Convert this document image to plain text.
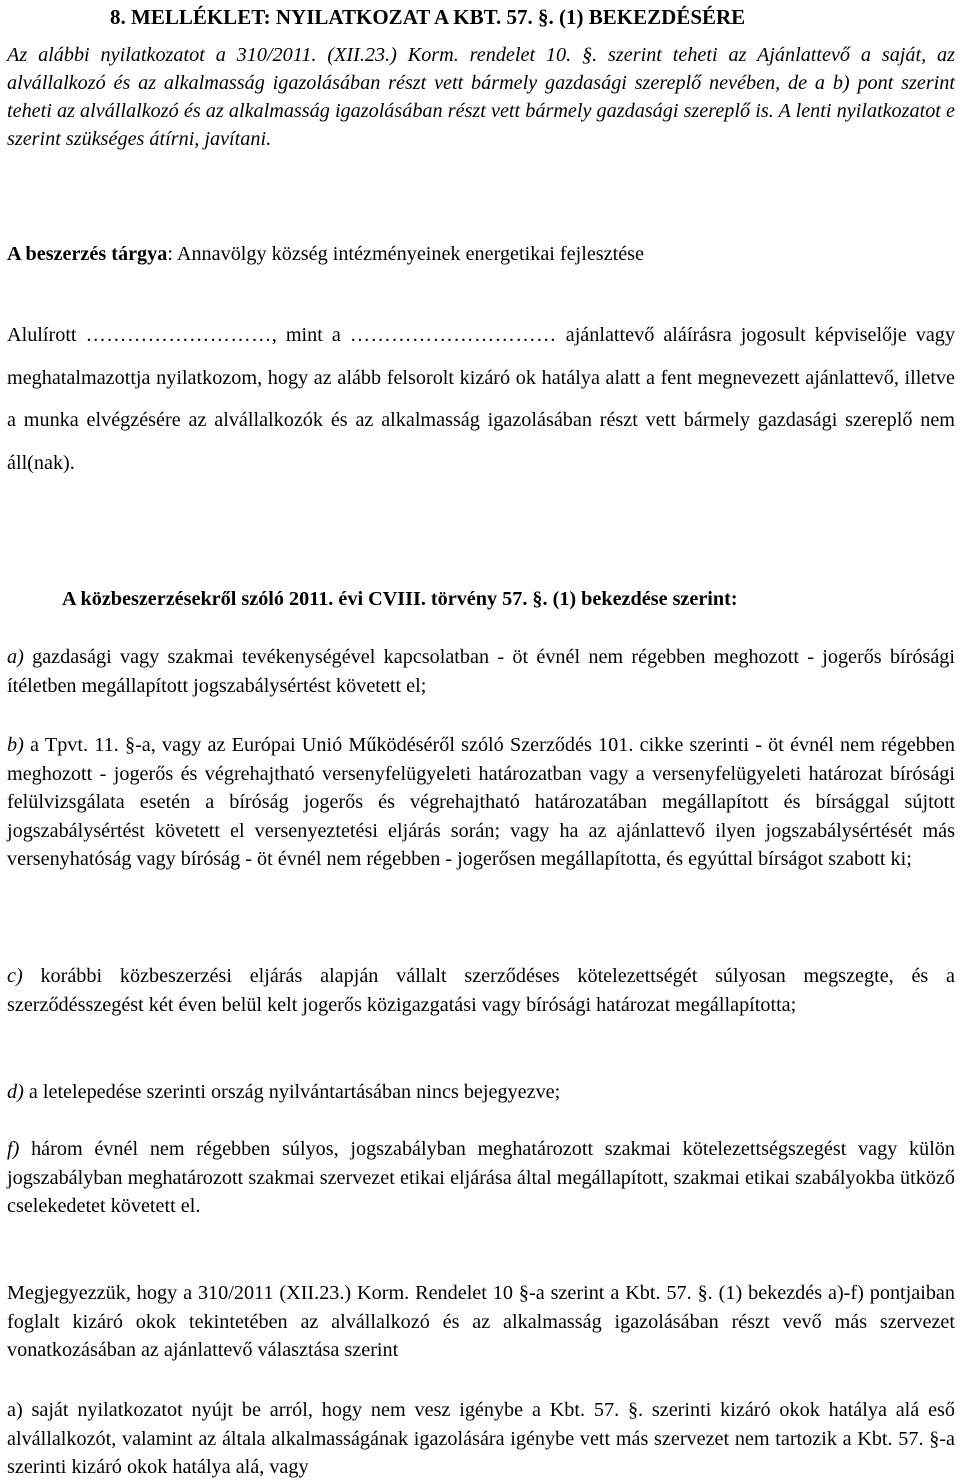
8. MELLÉKLET: NYILATKOZAT A KBT. 57. §. (1) BEKEZDÉSÉRE
Az alábbi nyilatkozatot a 310/2011. (XII.23.) Korm. rendelet 10. §. szerint teheti az Ajánlattevő a saját, az alvállalkozó és az alkalmasság igazolásában részt vett bármely gazdasági szereplő nevében, de a b) pont szerint teheti az alvállalkozó és az alkalmasság igazolásában részt vett bármely gazdasági szereplő is. A lenti nyilatkozatot e szerint szükséges átírni, javítani.
A beszerzés tárgya: Annavölgy község intézményeinek energetikai fejlesztése
Alulírott ………………………, mint a ………………………… ajánlattevő aláírásra jogosult képviselője vagy meghatalmazottja nyilatkozom, hogy az alább felsorolt kizáró ok hatálya alatt a fent megnevezett ajánlattevő, illetve a munka elvégzésére az alvállalkozók és az alkalmasság igazolásában részt vett bármely gazdasági szereplő nem áll(nak).
A közbeszerzésekről szóló 2011. évi CVIII. törvény 57. §. (1) bekezdése szerint:
a) gazdasági vagy szakmai tevékenységével kapcsolatban - öt évnél nem régebben meghozott - jogerős bírósági ítéletben megállapított jogszabálysértést követett el;
b) a Tpvt. 11. §-a, vagy az Európai Unió Működéséről szóló Szerződés 101. cikke szerinti - öt évnél nem régebben meghozott - jogerős és végrehajtható versenyfelügyeleti határozatban vagy a versenyfelügyeleti határozat bírósági felülvizsgálata esetén a bíróság jogerős és végrehajtható határozatában megállapított és bírsággal sújtott jogszabálysértést követett el versenyeztetési eljárás során; vagy ha az ajánlattevő ilyen jogszabálysértését más versenyhatóság vagy bíróság - öt évnél nem régebben - jogerősen megállapította, és egyúttal bírságot szabott ki;
c) korábbi közbeszerzési eljárás alapján vállalt szerződéses kötelezettségét súlyosan megszegte, és a szerződésszegést két éven belül kelt jogerős közigazgatási vagy bírósági határozat megállapította;
d) a letelepedése szerinti ország nyilvántartásában nincs bejegyezve;
f) három évnél nem régebben súlyos, jogszabályban meghatározott szakmai kötelezettségszegést vagy külön jogszabályban meghatározott szakmai szervezet etikai eljárása által megállapított, szakmai etikai szabályokba ütköző cselekedetet követett el.
Megjegyezzük, hogy a 310/2011 (XII.23.) Korm. Rendelet 10 §-a szerint a Kbt. 57. §. (1) bekezdés a)-f) pontjaiban foglalt kizáró okok tekintetében az alvállalkozó és az alkalmasság igazolásában részt vevő más szervezet vonatkozásában az ajánlattevő választása szerint
a) saját nyilatkozatot nyújt be arról, hogy nem vesz igénybe a Kbt. 57. §. szerinti kizáró okok hatálya alá eső alvállalkozót, valamint az általa alkalmasságának igazolására igénybe vett más szervezet nem tartozik a Kbt. 57. §-a szerinti kizáró okok hatálya alá, vagy
